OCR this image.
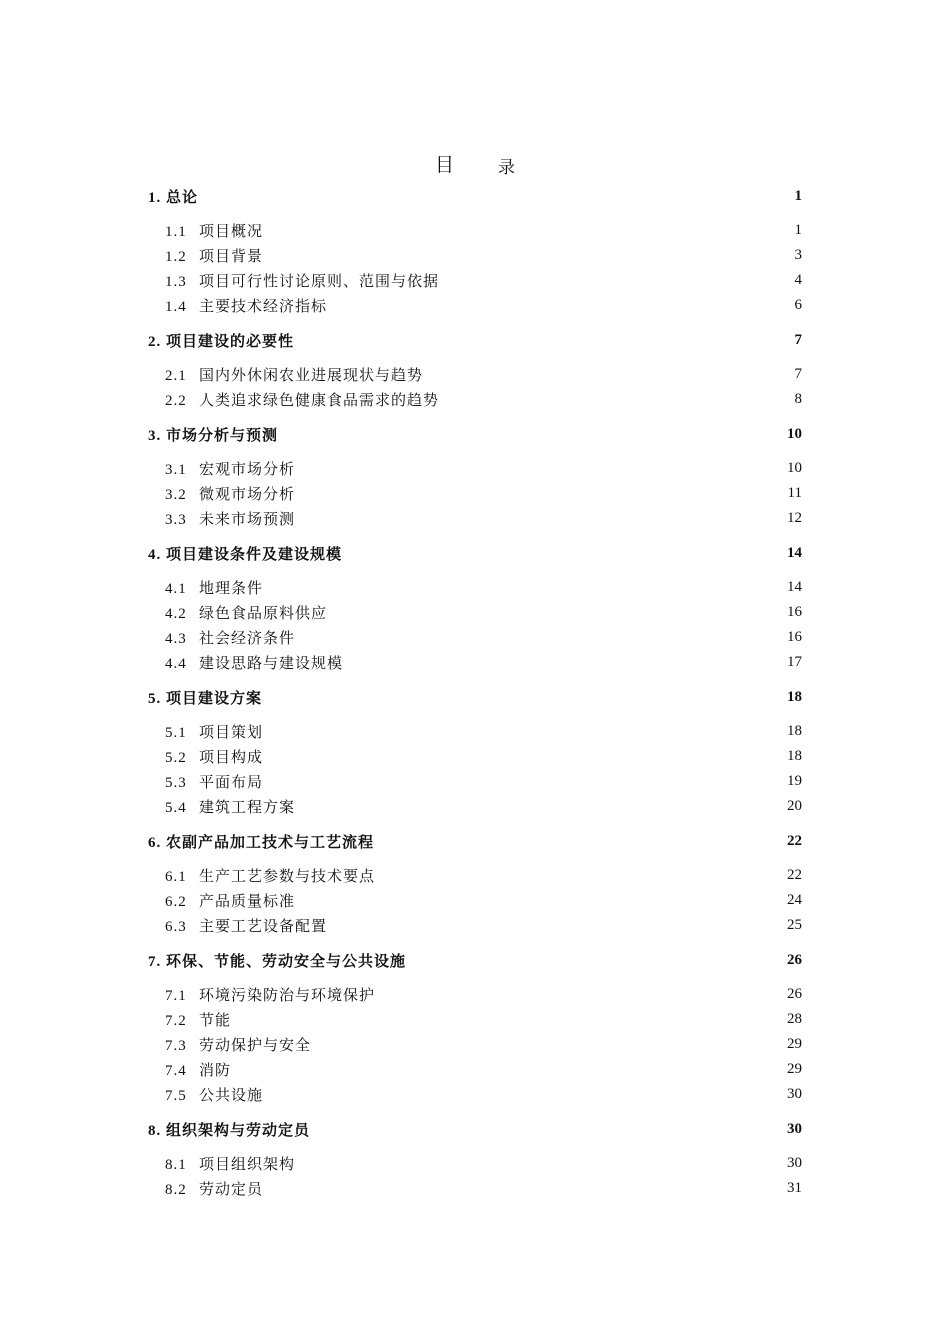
目	录
1. 总论	1
1.1 项目概况	1
1.2 项目背景	3
1.3 项目可行性讨论原则、范围与依据	4
1.4 主要技术经济指标	6
2. 项目建设的必要性	7
2.1 国内外休闲农业进展现状与趋势	7
2.2 人类追求绿色健康食品需求的趋势	8
3. 市场分析与预测	10
3.1 宏观市场分析	10
3.2 微观市场分析	11
3.3 未来市场预测	12
4. 项目建设条件及建设规模	14
4.1 地理条件	14
4.2 绿色食品原料供应	16
4.3 社会经济条件	16
4.4 建设思路与建设规模	17
5. 项目建设方案	18
5.1 项目策划	18
5.2 项目构成	18
5.3 平面布局	19
5.4 建筑工程方案	20
6. 农副产品加工技术与工艺流程	22
6.1 生产工艺参数与技术要点	22
6.2 产品质量标准	24
6.3 主要工艺设备配置	25
7. 环保、节能、劳动安全与公共设施	26
7.1 环境污染防治与环境保护	26
7.2 节能	28
7.3 劳动保护与安全	29
7.4 消防	29
7.5 公共设施	30
8. 组织架构与劳动定员	30
8.1 项目组织架构	30
8.2 劳动定员	31
